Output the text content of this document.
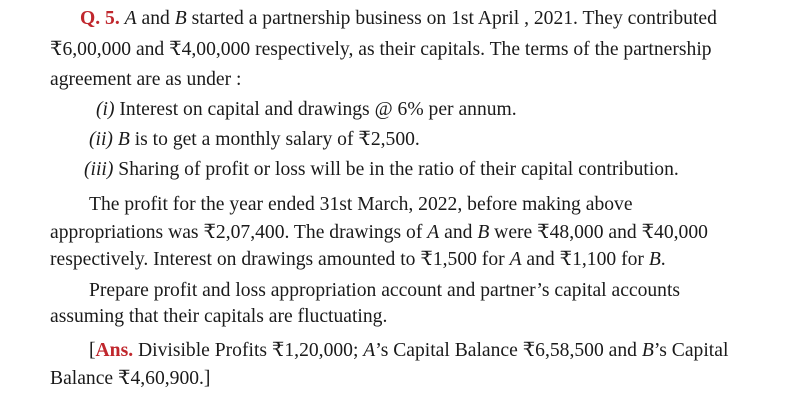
Q. 5. A and B started a partnership business on 1st April , 2021. They contributed
₹6,00,000 and ₹4,00,000 respectively, as their capitals. The terms of the partnership
agreement are as under :
(i) Interest on capital and drawings @ 6% per annum.
(ii) B is to get a monthly salary of ₹2,500.
(iii) Sharing of profit or loss will be in the ratio of their capital contribution.
The profit for the year ended 31st March, 2022, before making above
appropriations was ₹2,07,400. The drawings of A and B were ₹48,000 and ₹40,000
respectively. Interest on drawings amounted to ₹1,500 for A and ₹1,100 for B.
Prepare profit and loss appropriation account and partner’s capital accounts
assuming that their capitals are fluctuating.
[Ans. Divisible Profits ₹1,20,000; A’s Capital Balance ₹6,58,500 and B’s Capital
Balance ₹4,60,900.]
